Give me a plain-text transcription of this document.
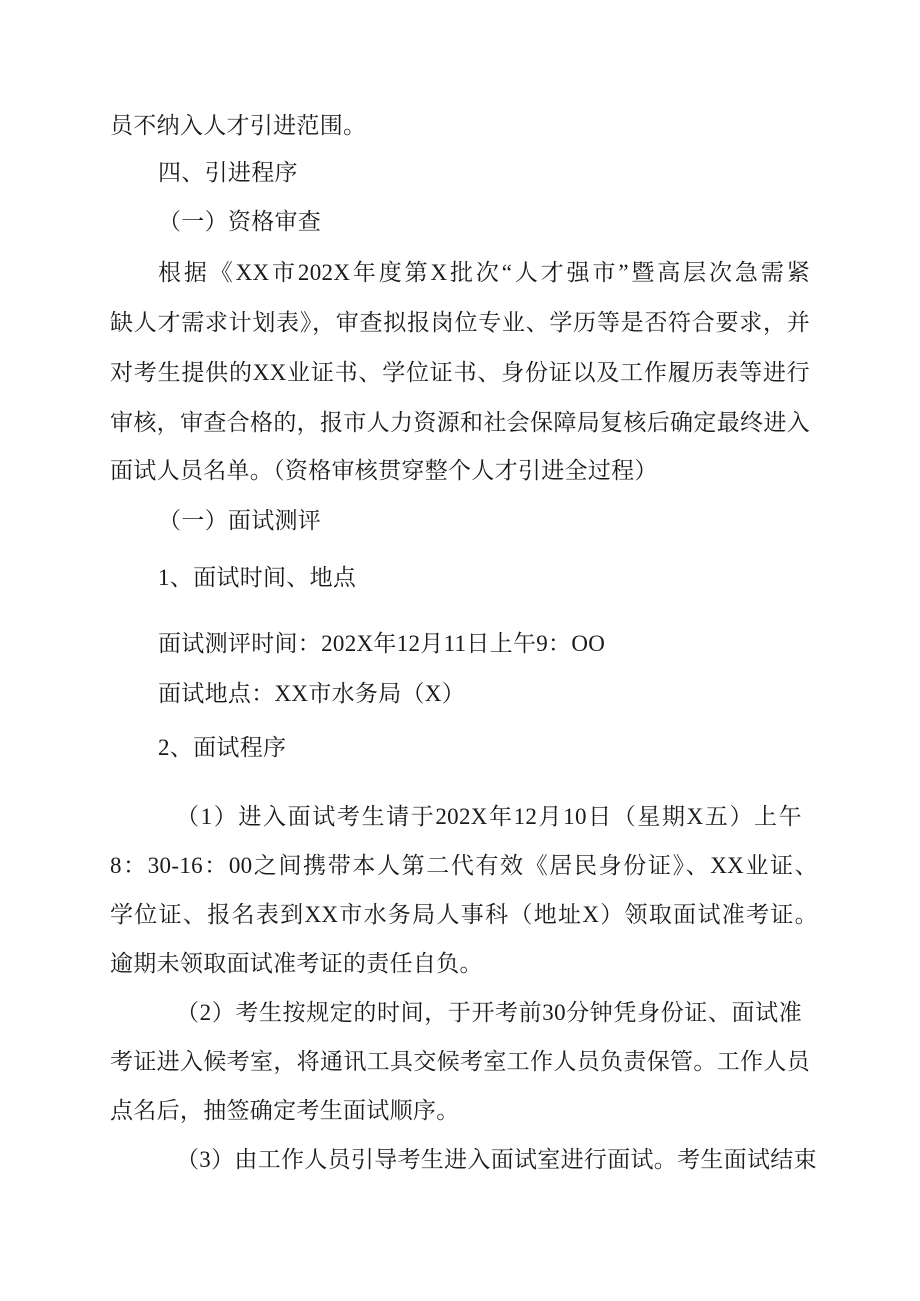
员不纳入人才引进范围。
四、引进程序
（一）资格审查
根据《XX市202X年度第X批次“人才强市”暨高层次急需紧
缺人才需求计划表》，审查拟报岗位专业、学历等是否符合要求，并
对考生提供的XX业证书、学位证书、身份证以及工作履历表等进行
审核，审查合格的，报市人力资源和社会保障局复核后确定最终进入
面试人员名单。（资格审核贯穿整个人才引进全过程）
（一）面试测评
1、面试时间、地点
面试测评时间：202X年12月11日上午9：OO
面试地点：XX市水务局（X）
2、面试程序
（1）进入面试考生请于202X年12月10日（星期X五）上午
8：30-16：00之间携带本人第二代有效《居民身份证》、XX业证、
学位证、报名表到XX市水务局人事科（地址X）领取面试准考证。
逾期未领取面试准考证的责任自负。
（2）考生按规定的时间，于开考前30分钟凭身份证、面试准
考证进入候考室，将通讯工具交候考室工作人员负责保管。工作人员
点名后，抽签确定考生面试顺序。
（3）由工作人员引导考生进入面试室进行面试。考生面试结束
